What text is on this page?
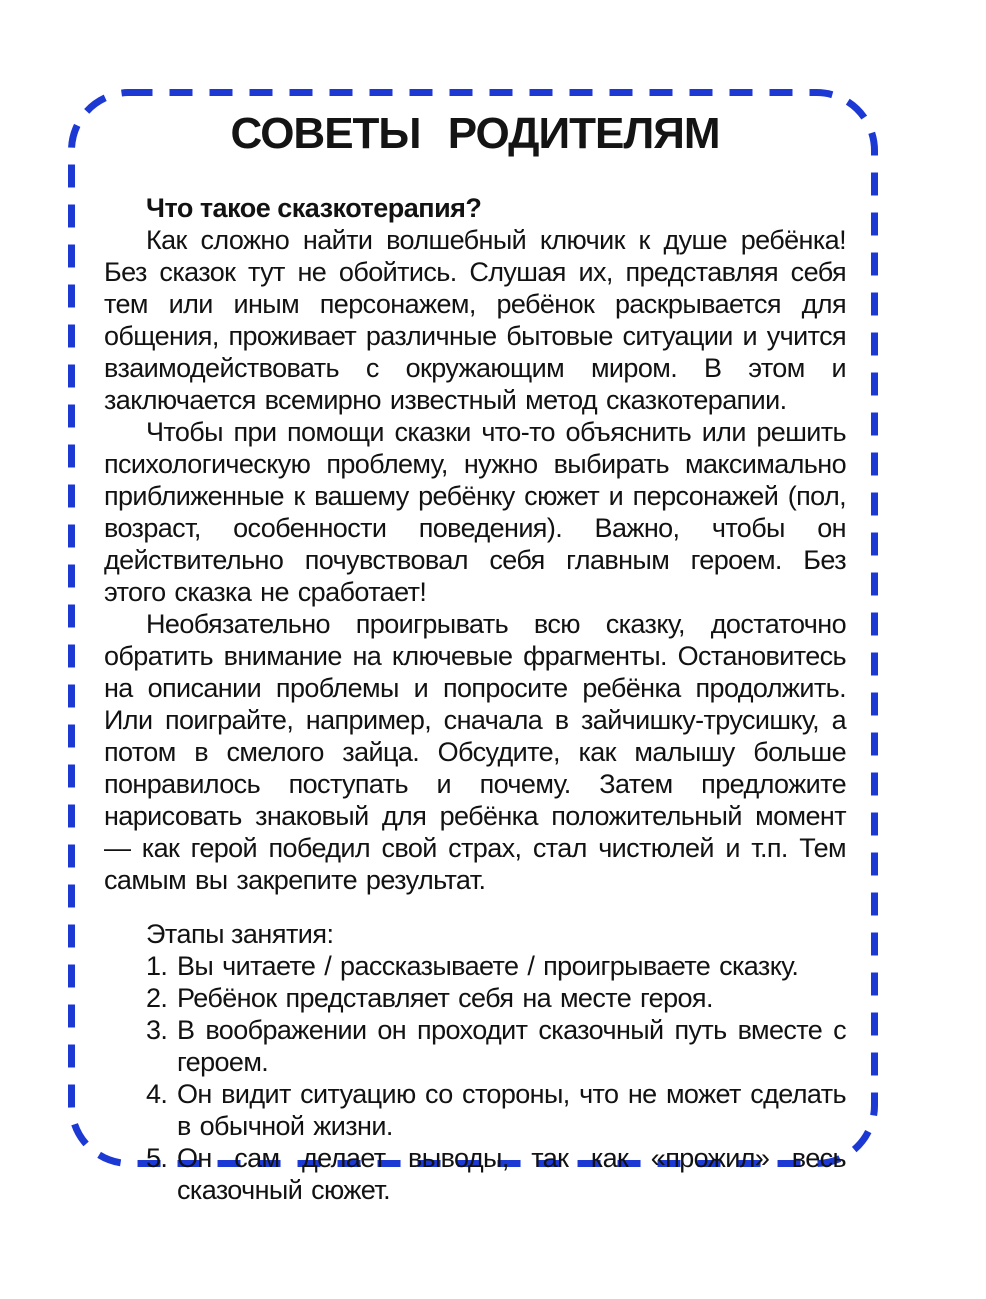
СОВЕТЫ РОДИТЕЛЯМ

Что такое сказкотерапия?

Как сложно найти волшебный ключик к душе ребёнка! Без сказок тут не обойтись. Слушая их, представляя себя тем или иным персонажем, ребёнок раскрывается для общения, проживает различные бытовые ситуации и учится взаимодействовать с окружающим миром. В этом и заключается всемирно известный метод сказкотерапии.

Чтобы при помощи сказки что-то объяснить или решить психологическую проблему, нужно выбирать максимально приближенные к вашему ребёнку сюжет и персонажей (пол, возраст, особенности поведения). Важно, чтобы он действительно почувствовал себя главным героем. Без этого сказка не сработает!

Необязательно проигрывать всю сказку, достаточно обратить внимание на ключевые фрагменты. Остановитесь на описании проблемы и попросите ребёнка продолжить. Или поиграйте, например, сначала в зайчишку-трусишку, а потом в смелого зайца. Обсудите, как малышу больше понравилось поступать и почему. Затем предложите нарисовать знаковый для ребёнка положительный момент — как герой победил свой страх, стал чистюлей и т.п. Тем самым вы закрепите результат.

Этапы занятия:

1. Вы читаете / рассказываете / проигрываете сказку.
2. Ребёнок представляет себя на месте героя.
3. В воображении он проходит сказочный путь вместе с героем.
4. Он видит ситуацию со стороны, что не может сделать в обычной жизни.
5. Он сам делает выводы, так как «прожил» весь сказочный сюжет.
